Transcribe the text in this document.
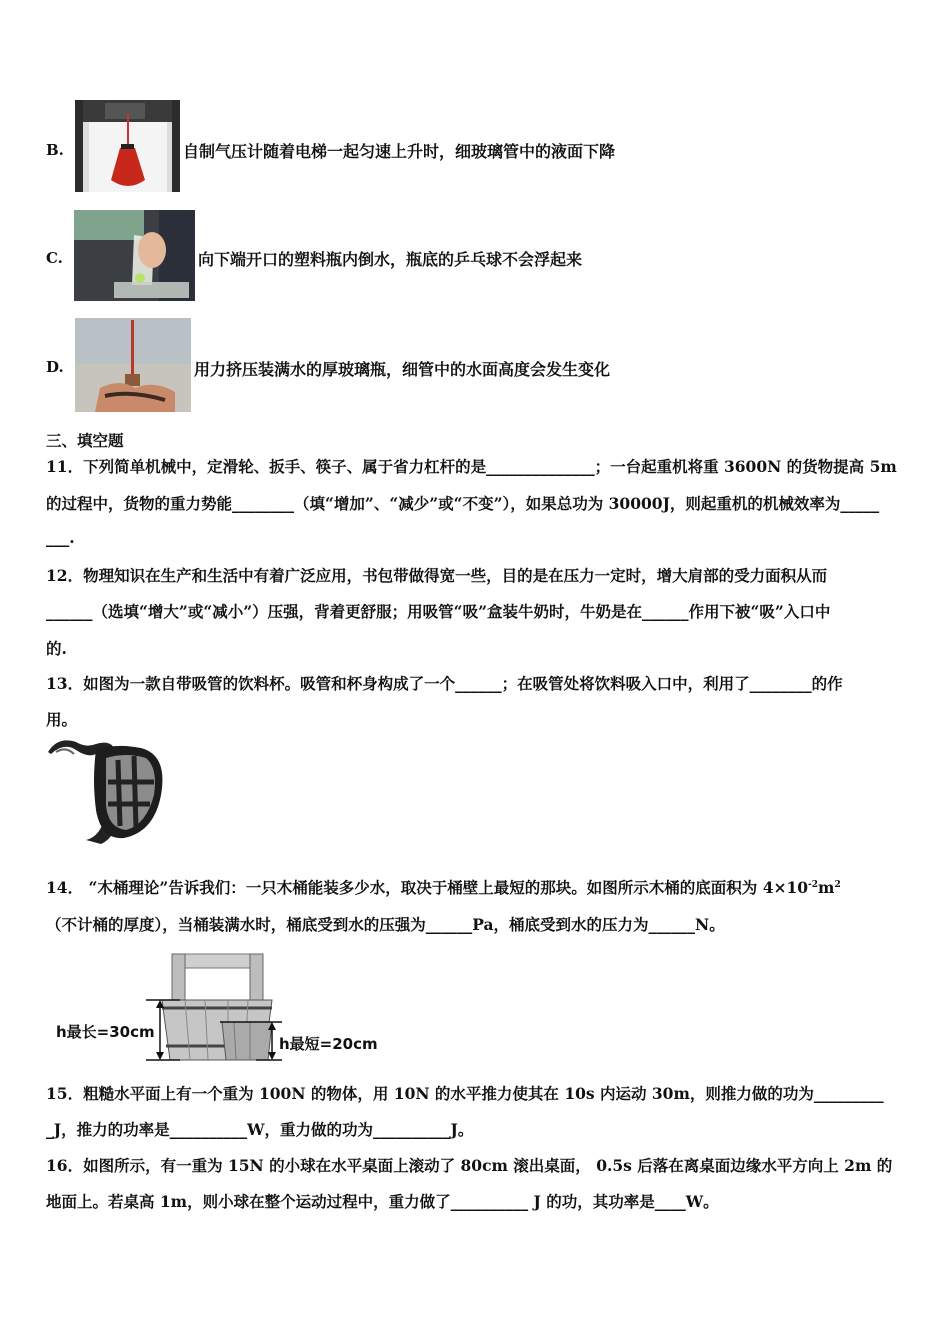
B.	自制气压计随着电梯一起匀速上升时，细玻璃管中的液面下降
C.	向下端开口的塑料瓶内倒水，瓶底的乒乓球不会浮起来
D.	用力挤压装满水的厚玻璃瓶，细管中的水面高度会发生变化
三、填空题
11．下列简单机械中，定滑轮、扳手、筷子、属于省力杠杆的是______________；一台起重机将重 3600N 的货物提高 5m
的过程中，货物的重力势能________（填“增加”、“减少”或“不变”），如果总功为 30000J，则起重机的机械效率为_____
___.
12．物理知识在生产和生活中有着广泛应用，书包带做得宽一些，目的是在压力一定时，增大肩部的受力面积从而
______（选填“增大”或“减小”）压强，背着更舒服；用吸管“吸”盒装牛奶时，牛奶是在______作用下被“吸”入口中
的.
13．如图为一款自带吸管的饮料杯。吸管和杯身构成了一个______；在吸管处将饮料吸入口中，利用了________的作
用。
14． “木桶理论”告诉我们：一只木桶能装多少水，取决于桶壁上最短的那块。如图所示木桶的底面积为 $4\times 10^{-2}m^2$
（不计桶的厚度），当桶装满水时，桶底受到水的压强为______Pa，桶底受到水的压力为______N。
h最长=30cm
h最短=20cm
15．粗糙水平面上有一个重为 100N 的物体，用 10N 的水平推力使其在 10s 内运动 30m，则推力做的功为_________
_J，推力的功率是__________W，重力做的功为__________J。
16．如图所示，有一重为 15N 的小球在水平桌面上滚动了 80cm 滚出桌面， 0.5s 后落在离桌面边缘水平方向上 2m 的
地面上。若桌高 1m，则小球在整个运动过程中，重力做了__________ J 的功，其功率是____W。
